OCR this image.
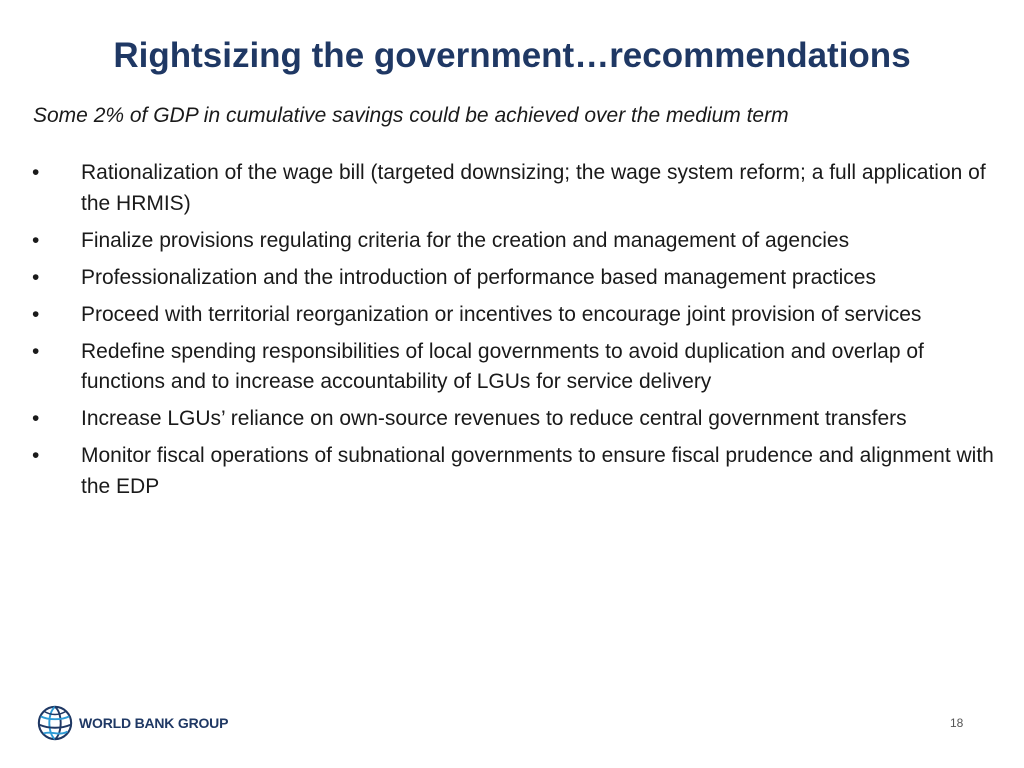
Rightsizing the government…recommendations

Some 2% of GDP in cumulative savings could be achieved over the medium term

•	Rationalization of the wage bill (targeted downsizing; the wage system reform; a full application of the HRMIS)
•	Finalize provisions regulating criteria for the creation and management of agencies
•	Professionalization and the introduction of performance based management practices
•	Proceed with territorial reorganization or incentives to encourage joint provision of services
•	Redefine spending responsibilities of local governments to avoid duplication and overlap of functions and to increase accountability of LGUs for service delivery
•	Increase LGUs’ reliance on own-source revenues to reduce central government transfers
•	Monitor fiscal operations of subnational governments to ensure fiscal prudence and alignment with the EDP
WORLD BANK GROUP	18
